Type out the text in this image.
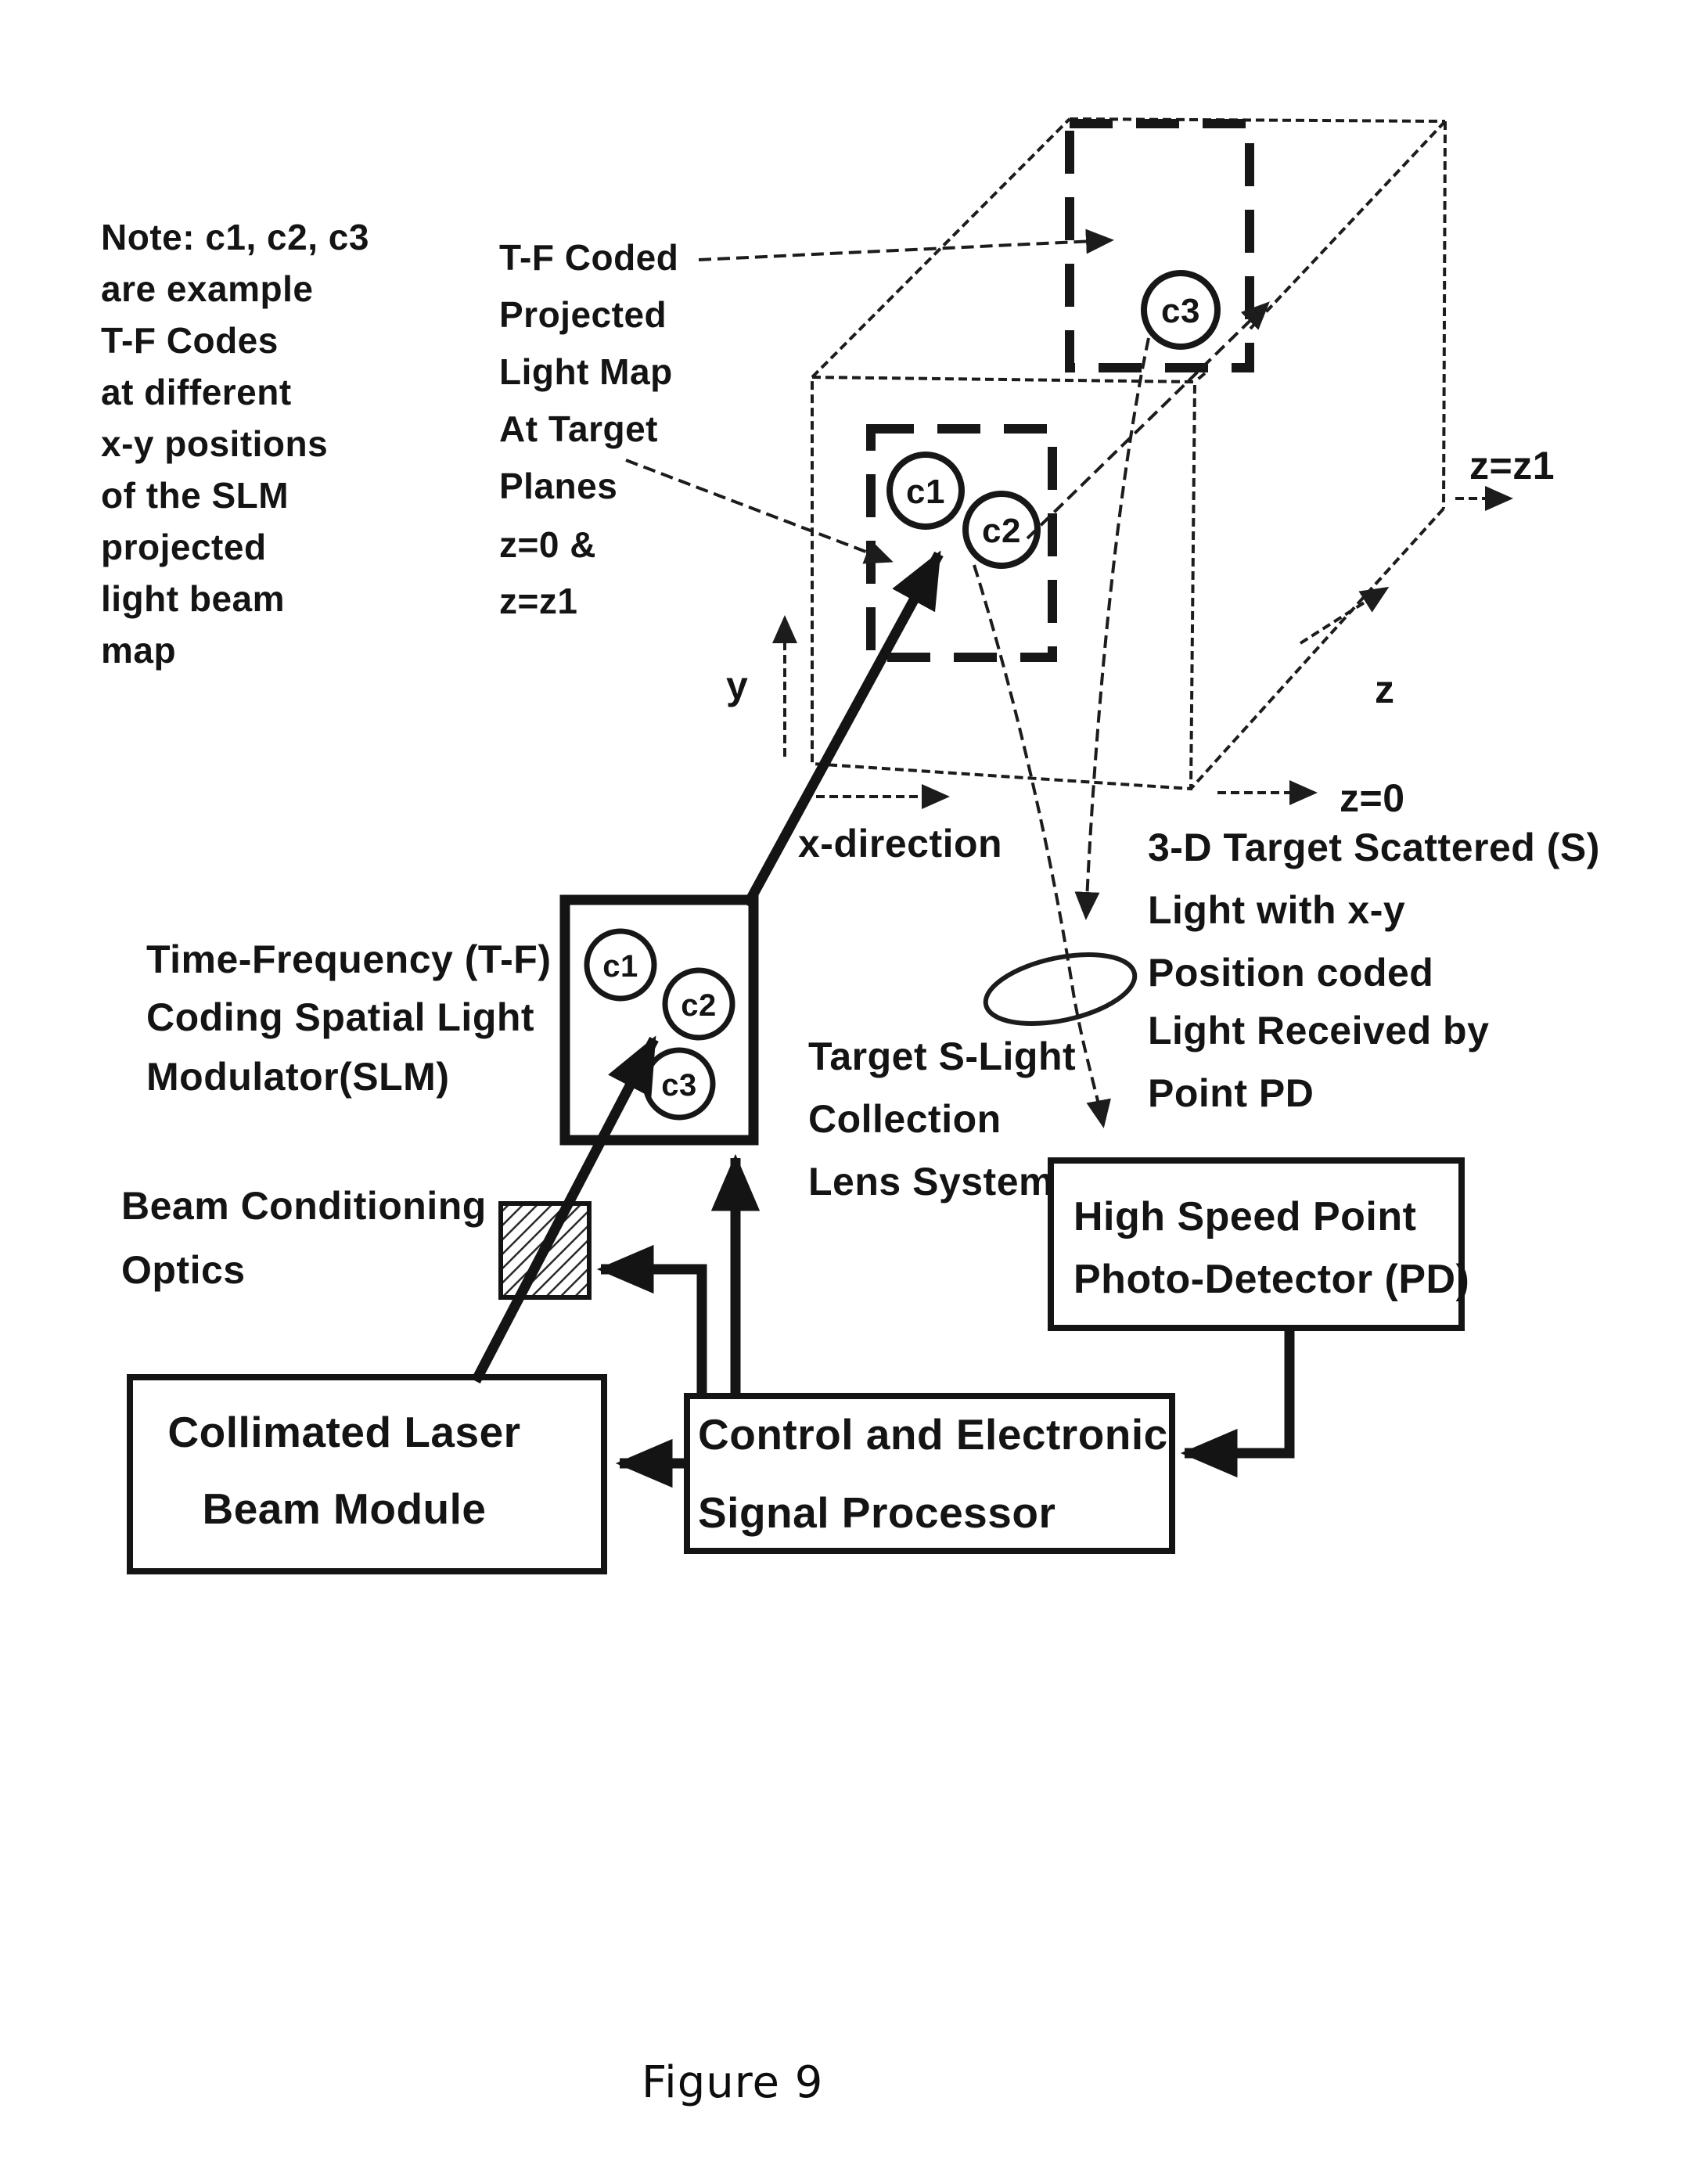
c1
c2
c3
y
x-direction
z=0
z=z1
z
c1
c2
c3
Collimated Laser
Beam Module
Control and Electronic
Signal Processor
High Speed Point
Photo-Detector (PD)
Note: c1, c2, c3 are example T-F Codes at different x-y positions of the SLM projected light beam map
T-F Coded Projected Light Map At Target Planes z=0 & z=z1
3-D Target Scattered (S) Light with x-y Position coded Light Received by Point PD
Time-Frequency (T-F) Coding Spatial Light Modulator(SLM)	Target S-Light Collection Lens System
Beam Conditioning Optics
Figure 9
